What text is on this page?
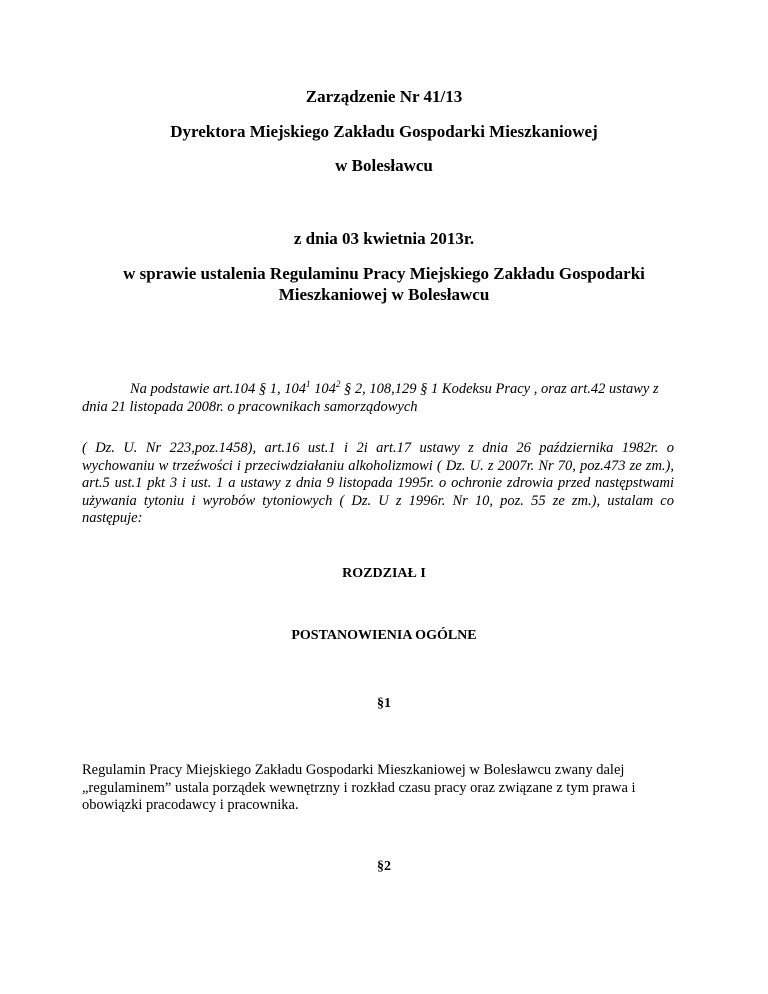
Zarządzenie Nr 41/13
Dyrektora Miejskiego Zakładu Gospodarki Mieszkaniowej
w Bolesławcu
z dnia 03 kwietnia 2013r.
w sprawie ustalenia Regulaminu Pracy Miejskiego Zakładu Gospodarki
Mieszkaniowej w Bolesławcu
Na podstawie art.104 § 1, $104^1$ $104^2$ § 2, 108,129 § 1 Kodeksu Pracy , oraz art.42 ustawy z dnia 21 listopada 2008r. o pracownikach samorządowych
( Dz. U. Nr 223,poz.1458), art.16 ust.1 i 2i art.17 ustawy z dnia 26 października 1982r. o wychowaniu w trzeźwości i przeciwdziałaniu alkoholizmowi ( Dz. U. z 2007r. Nr 70, poz.473 ze zm.), art.5 ust.1 pkt 3 i ust. 1 a ustawy z dnia 9 listopada 1995r. o ochronie zdrowia przed następstwami używania tytoniu i wyrobów tytoniowych ( Dz. U z 1996r. Nr 10, poz. 55 ze zm.), ustalam co następuje:
ROZDZIAŁ I
POSTANOWIENIA OGÓLNE
§1
Regulamin Pracy Miejskiego Zakładu Gospodarki Mieszkaniowej w Bolesławcu zwany dalej „regulaminem” ustala porządek wewnętrzny i rozkład czasu pracy oraz związane z tym prawa i obowiązki pracodawcy i pracownika.
§2
